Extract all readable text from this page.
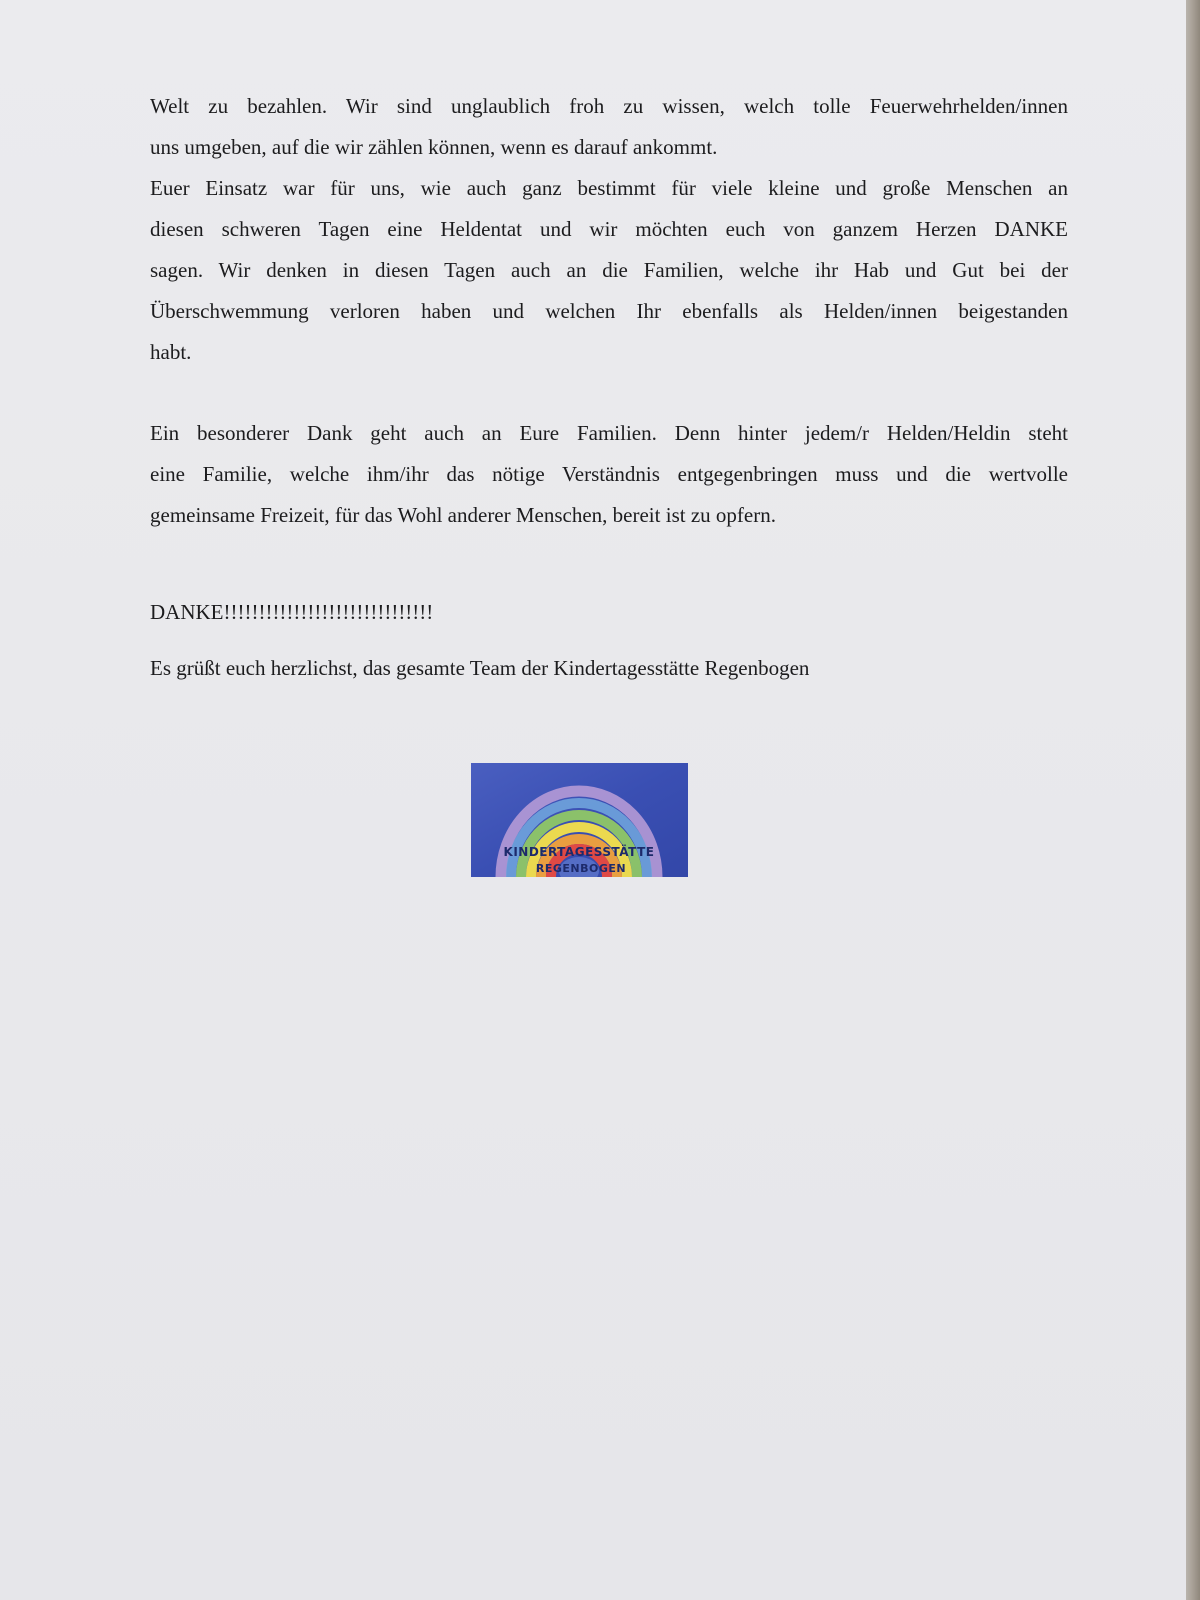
Welt zu bezahlen. Wir sind unglaublich froh zu wissen, welch tolle Feuerwehrhelden/innen
uns umgeben, auf die wir zählen können, wenn es darauf ankommt.
Euer Einsatz war für uns, wie auch ganz bestimmt für viele kleine und große Menschen an
diesen schweren Tagen eine Heldentat und wir möchten euch von ganzem Herzen DANKE
sagen. Wir denken in diesen Tagen auch an die Familien, welche ihr Hab und Gut bei der
Überschwemmung verloren haben und welchen Ihr ebenfalls als Helden/innen beigestanden
habt.
Ein besonderer Dank geht auch an Eure Familien. Denn hinter jedem/r Helden/Heldin steht
eine Familie, welche ihm/ihr das nötige Verständnis entgegenbringen muss und die wertvolle
gemeinsame Freizeit, für das Wohl anderer Menschen, bereit ist zu opfern.
DANKE!!!!!!!!!!!!!!!!!!!!!!!!!!!!!!
Es grüßt euch herzlichst, das gesamte Team der Kindertagesstätte Regenbogen
KINDERTAGESSTÄTTE
REGENBOGEN
